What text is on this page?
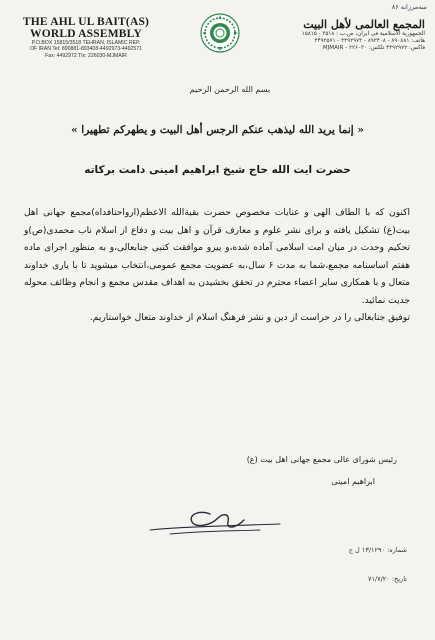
سه‌مرزانه ۸۶
THE AHL UL BAIT(AS)
WORLD ASSEMBLY
P.O.BOX 15815/3518 TEHRAN, ISLAMIC REP.
OF IRAN Tel: 890881-893408-4492973-4492571
Fax: 4492972 Tlx: 226030-MJMAIR
المجمع العالمی لأهل البیت
الجمهوریة الاسلامیة فی ایران، ص.ب : ۳۵۱۸ - ۱۵۸۱۵
هاتف: ۸۹۰۸۸۱ - ۸۹۳۴۰۸ - ۴۴۹۲۹۷۳ - ۴۴۹۲۵۷۱
فاکس: ۴۴۹۲۹۷۲ تلکس: ۲۲۶۰۳۰ - MJMAIR
بسم الله الرحمن الرحیم
« إنما یرید الله لیذهب عنکم الرجس أهل البیت و یطهرکم تطهیرا »
حضرت ایت الله حاج شیخ ابراهیم امینی دامت برکاته

اکنون که با الطاف الهی و عنایات مخصوص حضرت بقیةالله الاعظم(ارواحنافداه)مجمع جهانی اهل بیت(ع) تشکیل یافته و برای نشر علوم و معارف قرآن و اهل بیت و دفاع از اسلام ناب محمدی(ص)و تحکیم وحدت در میان امت اسلامی آماده شده،و پیرو موافقت کتبی جنابعالی،و به منظور اجرای ماده هفتم اساسنامه مجمع،شما به مدت ۶ سال،به عضویت مجمع عمومی،انتخاب میشوید تا با یاری خداوند متعال و با همکاری سایر اعضاء محترم در تحقق بخشیدن به اهداف مقدس مجمع و انجام وظائف محوله جدیت نمائید.

توفیق جنابعالی را در حراست از دین و نشر فرهنگ اسلام از خداوند متعال خواستاریم.

رئیس شورای عالی مجمع جهانی اهل بیت (ع)
ابراهیم امینی
شماره: ۱۳/۱۲۹۰ ل ج
تاریخ: ۷۱/۷/۲۰
